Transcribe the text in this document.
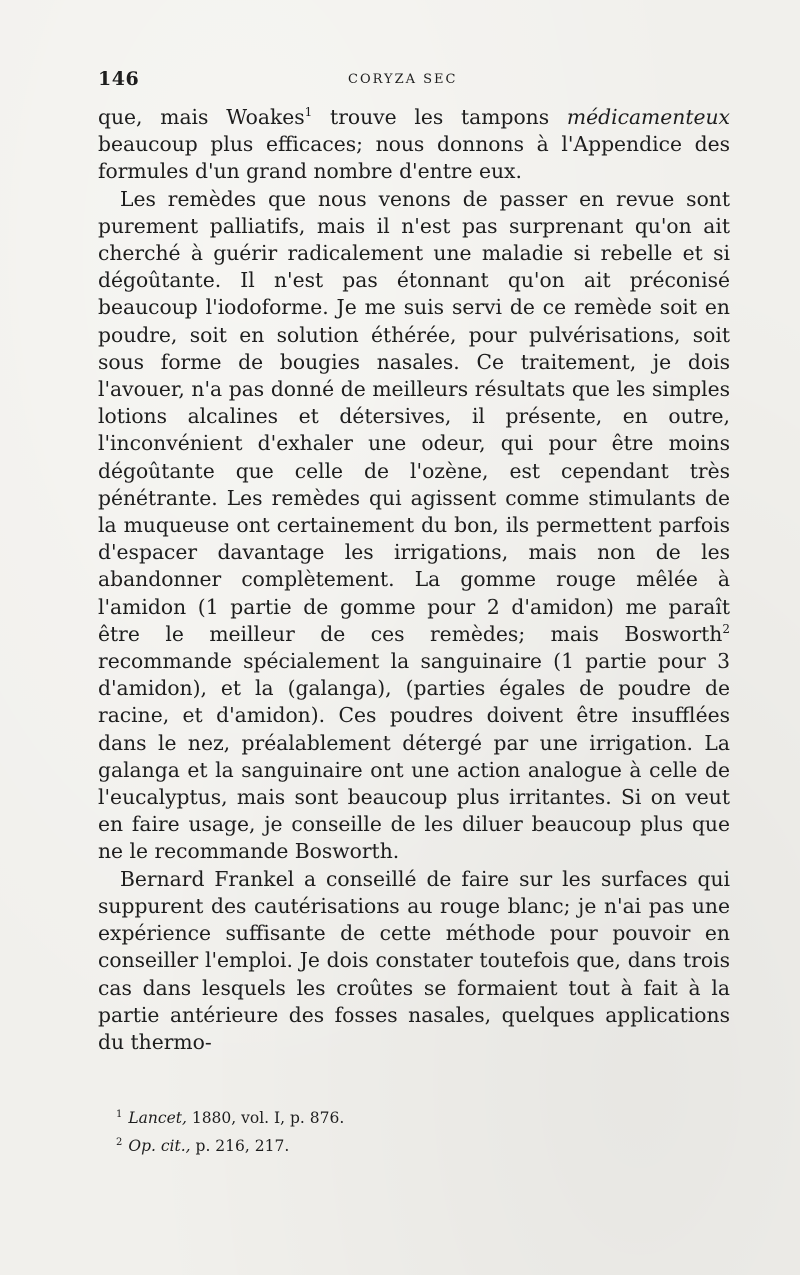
146	CORYZA SEC

que, mais Woakes$^1$ trouve les tampons médicamenteux beaucoup plus efficaces; nous donnons à l'Appendice des formules d'un grand nombre d'entre eux.

Les remèdes que nous venons de passer en revue sont purement palliatifs, mais il n'est pas surprenant qu'on ait cherché à guérir radicalement une maladie si rebelle et si dégoûtante. Il n'est pas étonnant qu'on ait préconisé beaucoup l'iodoforme. Je me suis servi de ce remède soit en poudre, soit en solution éthérée, pour pulvérisations, soit sous forme de bougies nasales. Ce traitement, je dois l'avouer, n'a pas donné de meilleurs résultats que les simples lotions alcalines et détersives, il présente, en outre, l'inconvénient d'exhaler une odeur, qui pour être moins dégoûtante que celle de l'ozène, est cependant très pénétrante. Les remèdes qui agissent comme stimulants de la muqueuse ont certainement du bon, ils permettent parfois d'espacer davantage les irrigations, mais non de les abandonner complètement. La gomme rouge mêlée à l'amidon (1 partie de gomme pour 2 d'amidon) me paraît être le meilleur de ces remèdes; mais Bosworth$^2$ recommande spécialement la sanguinaire (1 partie pour 3 d'amidon), et la (galanga), (parties égales de poudre de racine, et d'amidon). Ces poudres doivent être insufflées dans le nez, préalablement détergé par une irrigation. La galanga et la sanguinaire ont une action analogue à celle de l'eucalyptus, mais sont beaucoup plus irritantes. Si on veut en faire usage, je conseille de les diluer beaucoup plus que ne le recommande Bosworth.

Bernard Frankel a conseillé de faire sur les surfaces qui suppurent des cautérisations au rouge blanc; je n'ai pas une expérience suffisante de cette méthode pour pouvoir en conseiller l'emploi. Je dois constater toutefois que, dans trois cas dans lesquels les croûtes se formaient tout à fait à la partie antérieure des fosses nasales, quelques applications du thermo-

$^1$ Lancet, 1880, vol. I, p. 876.

$^2$ Op. cit., p. 216, 217.
